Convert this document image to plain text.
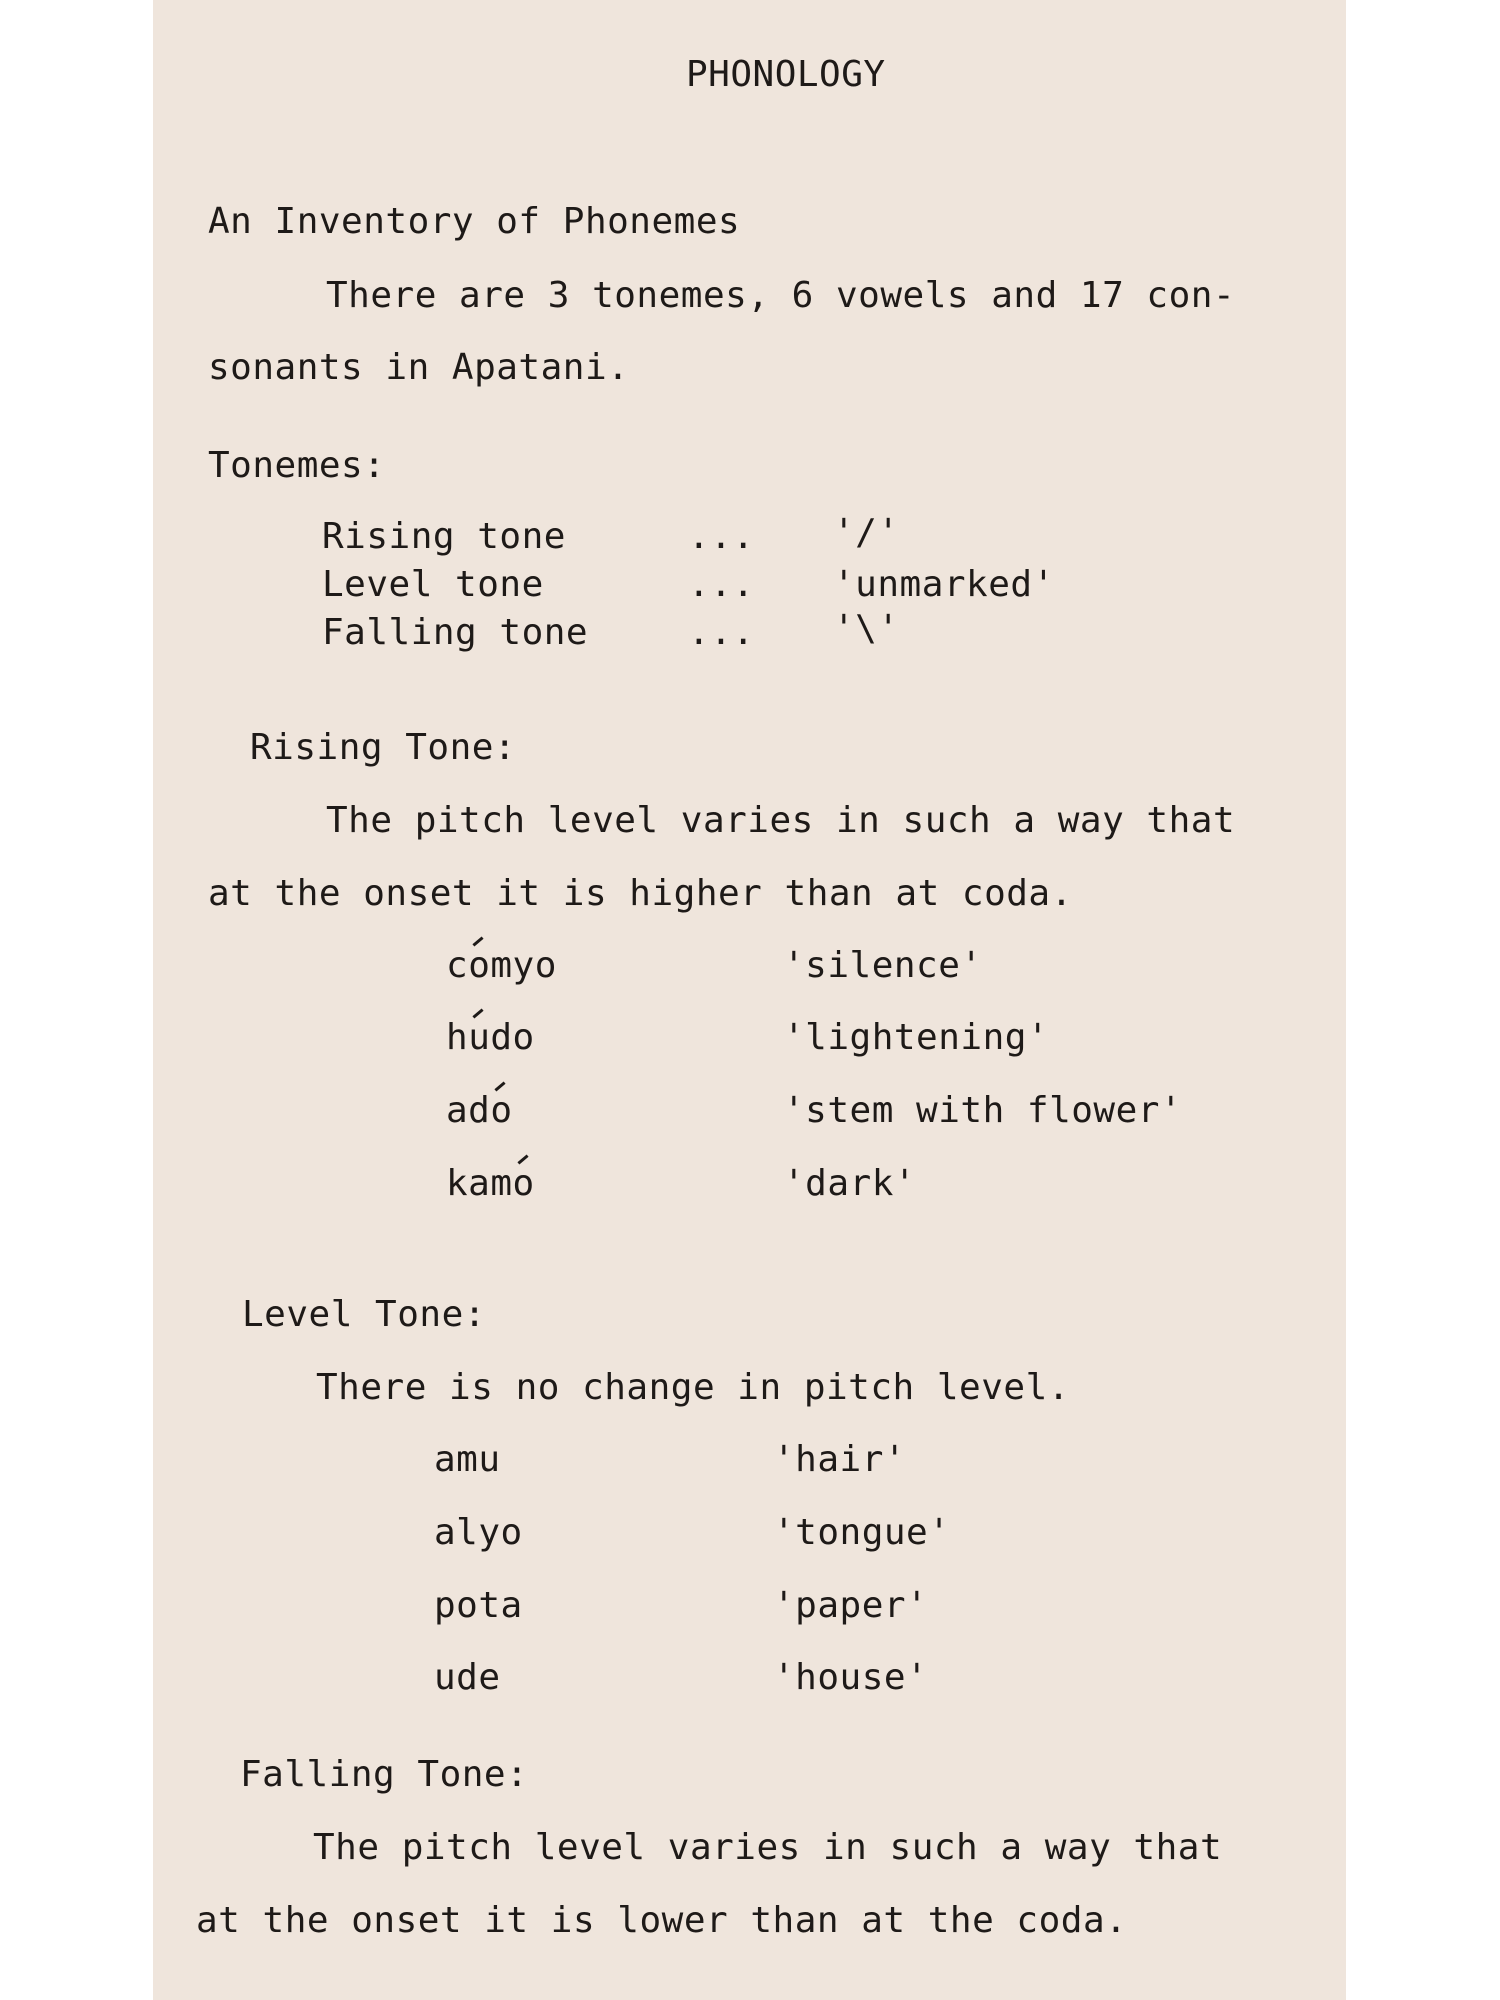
PHONOLOGY
An Inventory of Phonemes
There are 3 tonemes, 6 vowels and 17 con-
sonants in Apatani.
Tonemes:
Rising tone	... '/'
Level tone	... 'unmarked'
Falling tone	... '\'
Rising Tone:
The pitch level varies in such a way that
at the onset it is higher than at coda.
comyo	'silence'
hudo	'lightening'
ado	'stem with flower'
kamo	'dark'
Level Tone:
There is no change in pitch level.
amu	'hair'
alyo	'tongue'
pota	'paper'
ude	'house'
Falling Tone:
The pitch level varies in such a way that
at the onset it is lower than at the coda.
